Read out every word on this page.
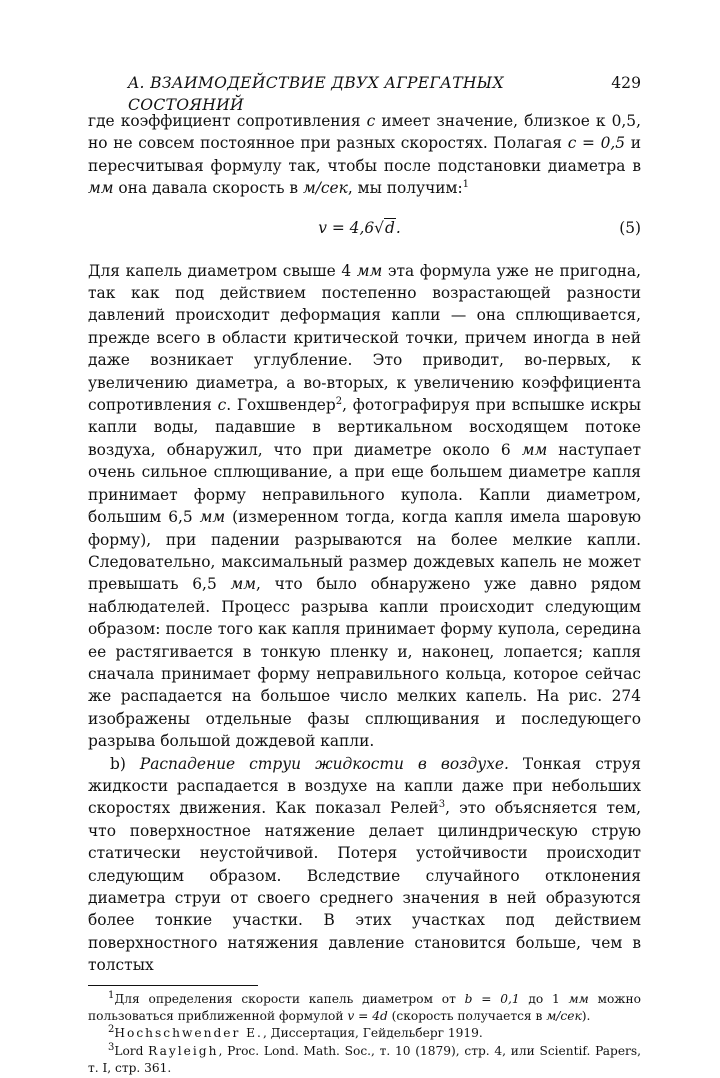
A. ВЗАИМОДЕЙСТВИЕ ДВУХ АГРЕГАТНЫХ СОСТОЯНИЙ
429

где коэффициент сопротивления c имеет значение, близкое к 0,5, но не совсем постоянное при разных скоростях. Полагая c = 0,5 и пересчитывая формулу так, чтобы после подстановки диаметра в мм она давала скорость в м/сек, мы получим:$^1$

v = 4,6√d.	(5)

Для капель диаметром свыше 4 мм эта формула уже не пригодна, так как под действием постепенно возрастающей разности давлений происходит деформация капли — она сплющивается, прежде всего в области критической точки, причем иногда в ней даже возникает углубление. Это приводит, во-первых, к увеличению диаметра, а во-вторых, к увеличению коэффициента сопротивления c. Гохшвендер$^2$, фотографируя при вспышке искры капли воды, падавшие в вертикальном восходящем потоке воздуха, обнаружил, что при диаметре около 6 мм наступает очень сильное сплющивание, а при еще большем диаметре капля принимает форму неправильного купола. Капли диаметром, большим 6,5 мм (измеренном тогда, когда капля имела шаровую форму), при падении разрываются на более мелкие капли. Следовательно, максимальный размер дождевых капель не может превышать 6,5 мм, что было обнаружено уже давно рядом наблюдателей. Процесс разрыва капли происходит следующим образом: после того как капля принимает форму купола, середина ее растягивается в тонкую пленку и, наконец, лопается; капля сначала принимает форму неправильного кольца, которое сейчас же распадается на большое число мелких капель. На рис. 274 изображены отдельные фазы сплющивания и последующего разрыва большой дождевой капли.

b) Распадение струи жидкости в воздухе. Тонкая струя жидкости распадается в воздухе на капли даже при небольших скоростях движения. Как показал Релей$^3$, это объясняется тем, что поверхностное натяжение делает цилиндрическую струю статически неустойчивой. Потеря устойчивости происходит следующим образом. Вследствие случайного отклонения диаметра струи от своего среднего значения в ней образуются более тонкие участки. В этих участках под действием поверхностного натяжения давление становится больше, чем в толстых

$^1$Для определения скорости капель диаметром от b = 0,1 до 1 мм можно пользоваться приближенной формулой v = 4d (скорость получается в м/сек).

$^2$Hochschwender E., Диссертация, Гейдельберг 1919.

$^3$Lord Rayleigh, Proc. Lond. Math. Soc., т. 10 (1879), стр. 4, или Scientif. Papers, т. I, стр. 361.
